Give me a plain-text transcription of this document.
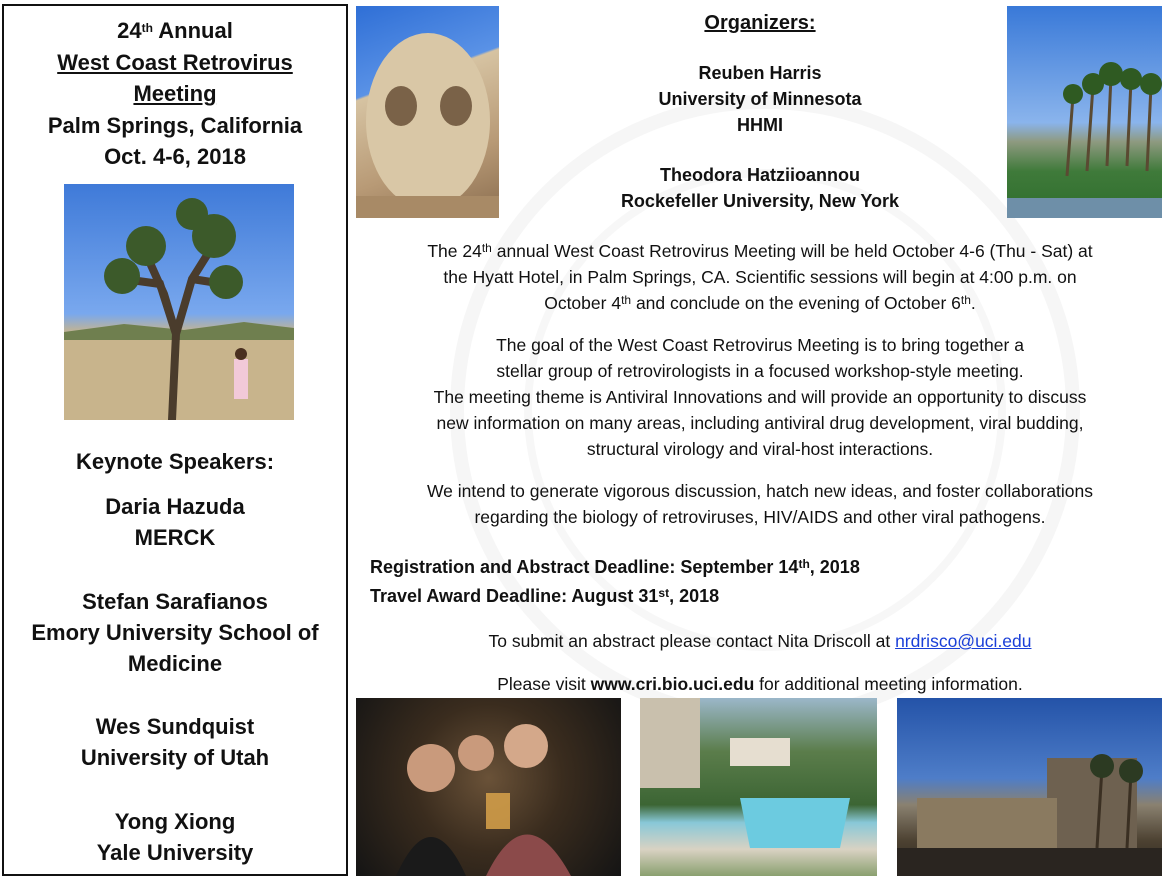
24th Annual
West Coast Retrovirus
Meeting
Palm Springs, California
Oct. 4-6, 2018
Keynote Speakers:
Daria Hazuda
MERCK
Stefan Sarafianos
Emory University School of
Medicine
Wes Sundquist
University of Utah
Yong Xiong
Yale University
Organizers:
Reuben Harris
University of Minnesota
HHMI
Theodora Hatziioannou
Rockefeller University, New York
The 24th annual West Coast Retrovirus Meeting will be held October 4-6 (Thu - Sat) at
the Hyatt Hotel, in Palm Springs, CA. Scientific sessions will begin at 4:00 p.m. on
October 4th and conclude on the evening of October 6th.
The goal of the West Coast Retrovirus Meeting is to bring together a
stellar group of retrovirologists in a focused workshop-style meeting.
The meeting theme is Antiviral Innovations and will provide an opportunity to discuss
new information on many areas, including antiviral drug development, viral budding,
structural virology and viral-host interactions.
We intend to generate vigorous discussion, hatch new ideas, and foster collaborations
regarding the biology of retroviruses, HIV/AIDS and other viral pathogens.
Registration and Abstract Deadline: September 14th, 2018
Travel Award Deadline: August 31st, 2018
To submit an abstract please contact Nita Driscoll at nrdrisco@uci.edu
Please visit www.cri.bio.uci.edu for additional meeting information.
